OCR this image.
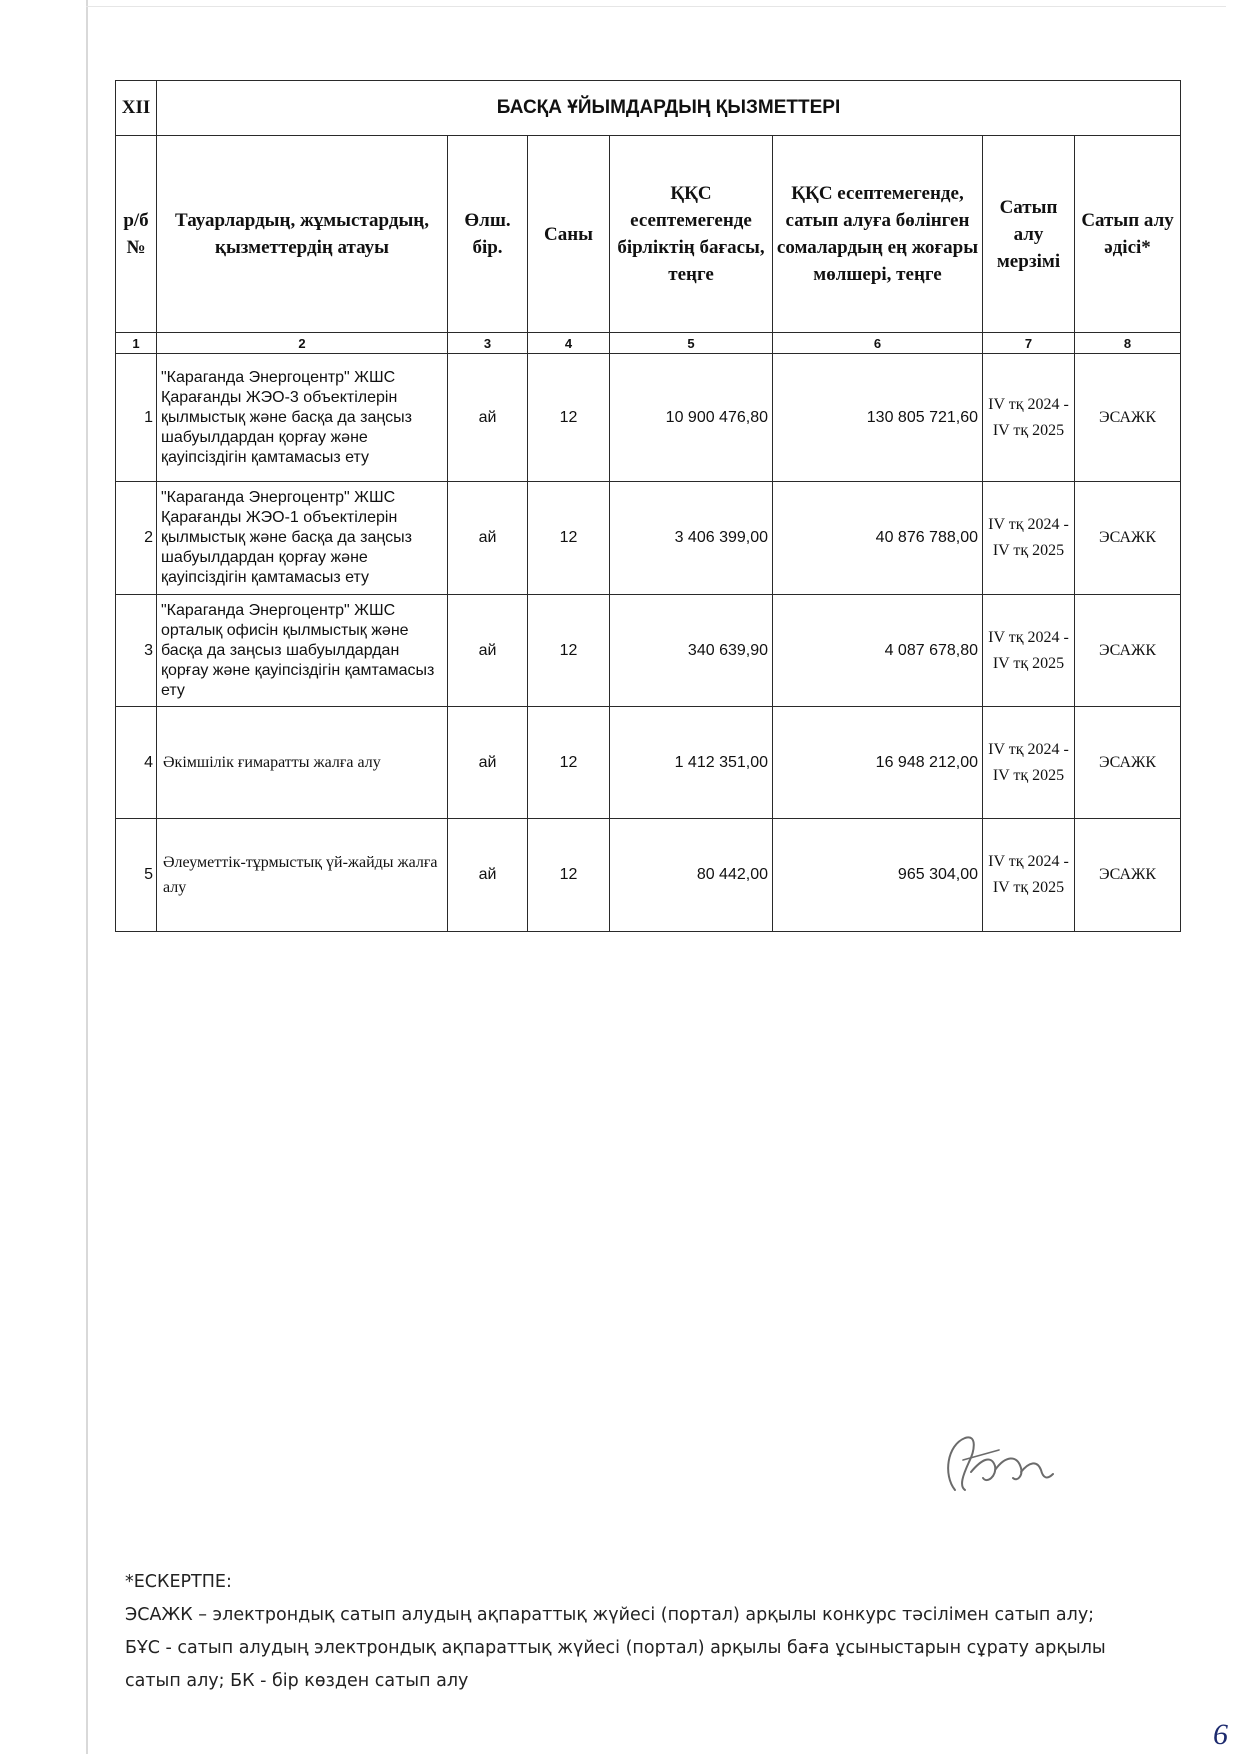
XII	БАСҚА ҰЙЫМДАРДЫҢ ҚЫЗМЕТТЕРІ						
р/б №	Тауарлардың, жұмыстардың, қызметтердің атауы	Өлш. бір.	Саны	ҚҚС есептемегенде бірліктің бағасы, теңге	ҚҚС есептемегенде, сатып алуға бөлінген сомалардың ең жоғары мөлшері, теңге	Сатып алу мерзімі	Сатып алу әдісі*
1	2	3	4	5	6	7	8
1	"Караганда Энергоцентр" ЖШС Қарағанды ЖЭО-3 объектілерін қылмыстық және басқа да заңсыз шабуылдардан қорғау және қауіпсіздігін қамтамасыз ету	ай	12	10 900 476,80	130 805 721,60	IV тқ 2024 - IV тқ 2025	ЭСАЖК
2	"Караганда Энергоцентр" ЖШС Қарағанды ЖЭО-1 объектілерін қылмыстық және басқа да заңсыз шабуылдардан қорғау және қауіпсіздігін қамтамасыз ету	ай	12	3 406 399,00	40 876 788,00	IV тқ 2024 - IV тқ 2025	ЭСАЖК
3	"Караганда Энергоцентр" ЖШС орталық офисін қылмыстық және басқа да заңсыз шабуылдардан қорғау және қауіпсіздігін қамтамасыз ету	ай	12	340 639,90	4 087 678,80	IV тқ 2024 - IV тқ 2025	ЭСАЖК
4	Әкімшілік ғимаратты жалға алу	ай	12	1 412 351,00	16 948 212,00	IV тқ 2024 - IV тқ 2025	ЭСАЖК
5	Әлеуметтік-тұрмыстық үй-жайды жалға алу	ай	12	80 442,00	965 304,00	IV тқ 2024 - IV тқ 2025	ЭСАЖК
*ЕСКЕРТПЕ:
ЭСАЖК – электрондық сатып алудың ақпараттық жүйесі (портал) арқылы конкурс тәсілімен сатып алу;
БҰС - сатып алудың электрондық ақпараттық жүйесі (портал) арқылы баға ұсыныстарын сұрату арқылы сатып алу; БК - бір көзден сатып алу
6
